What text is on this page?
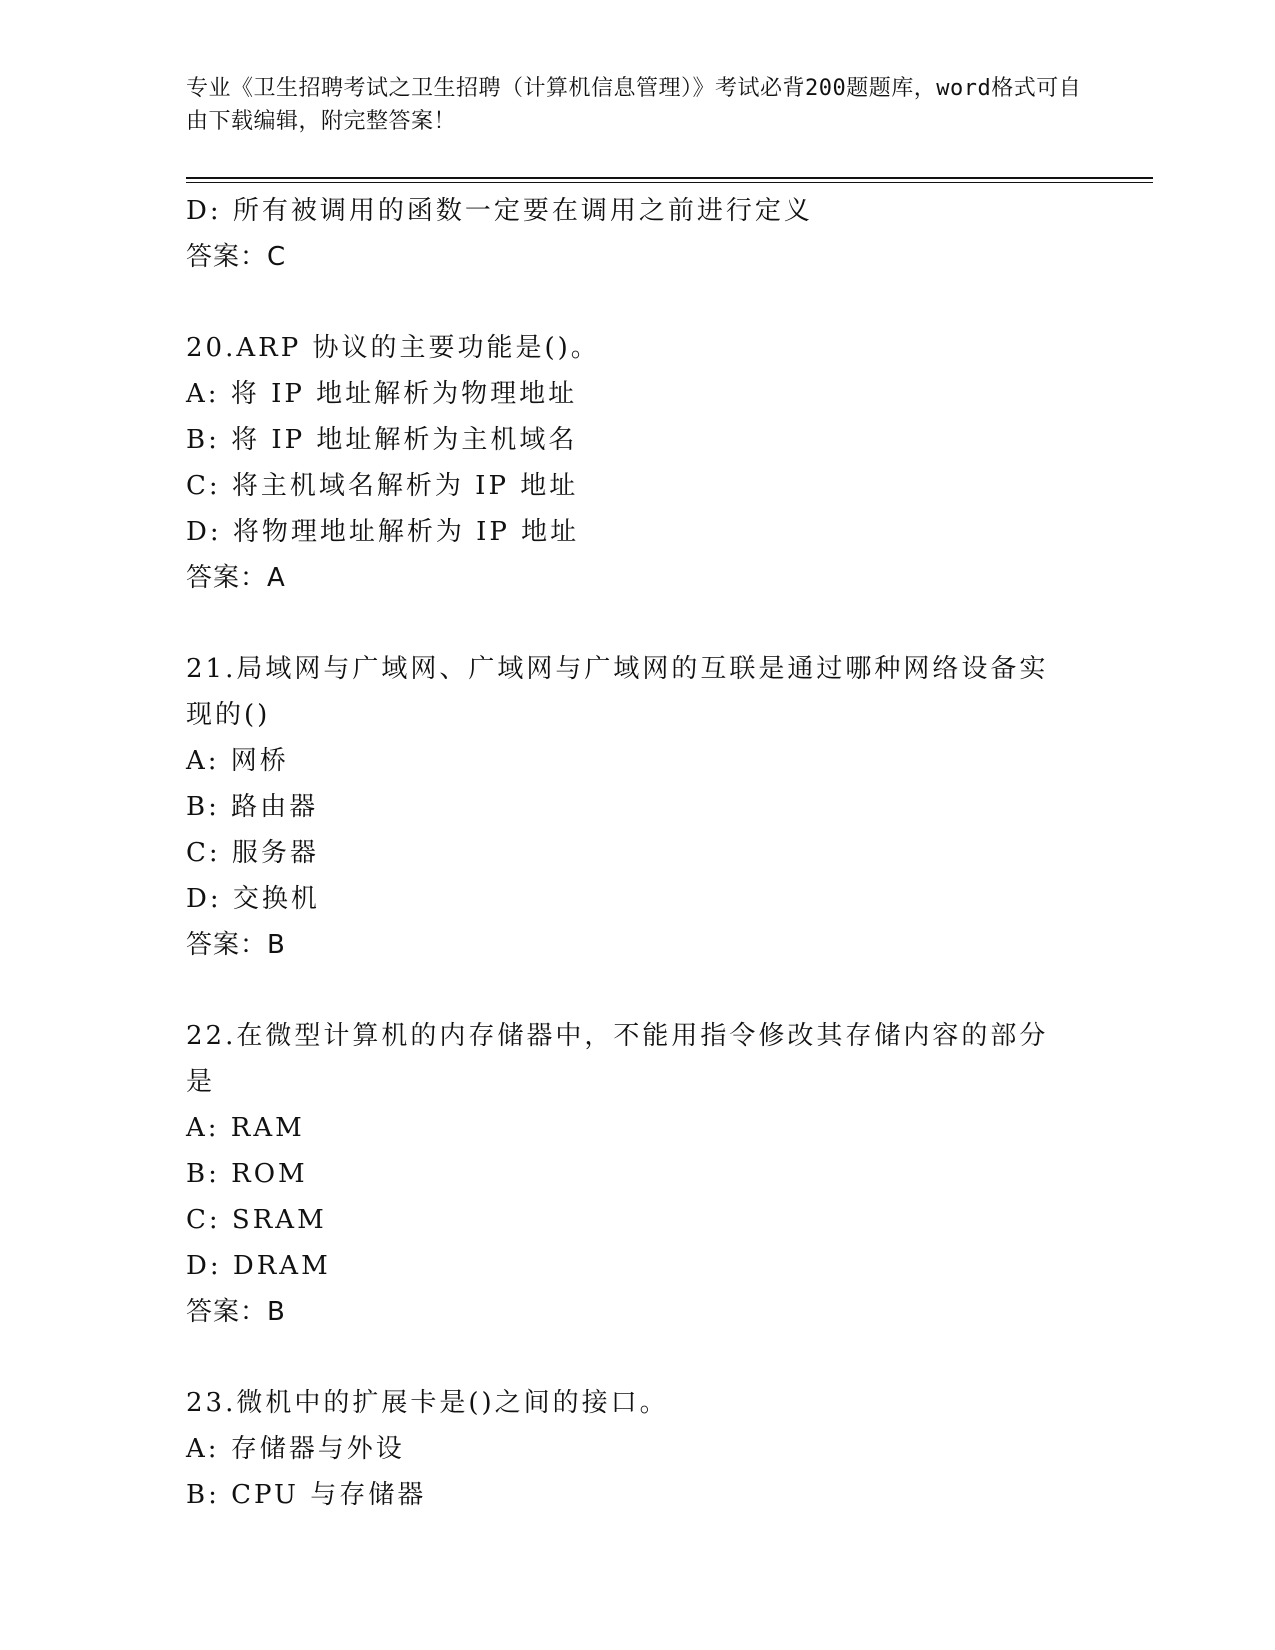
专业《卫生招聘考试之卫生招聘（计算机信息管理）》考试必背200题题库，word格式可自由下载编辑，附完整答案！
D: 所有被调用的函数一定要在调用之前进行定义
答案：C
20.ARP 协议的主要功能是()。
A: 将 IP 地址解析为物理地址
B: 将 IP 地址解析为主机域名
C: 将主机域名解析为 IP 地址
D: 将物理地址解析为 IP 地址
答案：A
21.局域网与广域网、广域网与广域网的互联是通过哪种网络设备实现的()
A: 网桥
B: 路由器
C: 服务器
D: 交换机
答案：B
22.在微型计算机的内存储器中，不能用指令修改其存储内容的部分是
A: RAM
B: ROM
C: SRAM
D: DRAM
答案：B
23.微机中的扩展卡是()之间的接口。
A: 存储器与外设
B: CPU 与存储器
